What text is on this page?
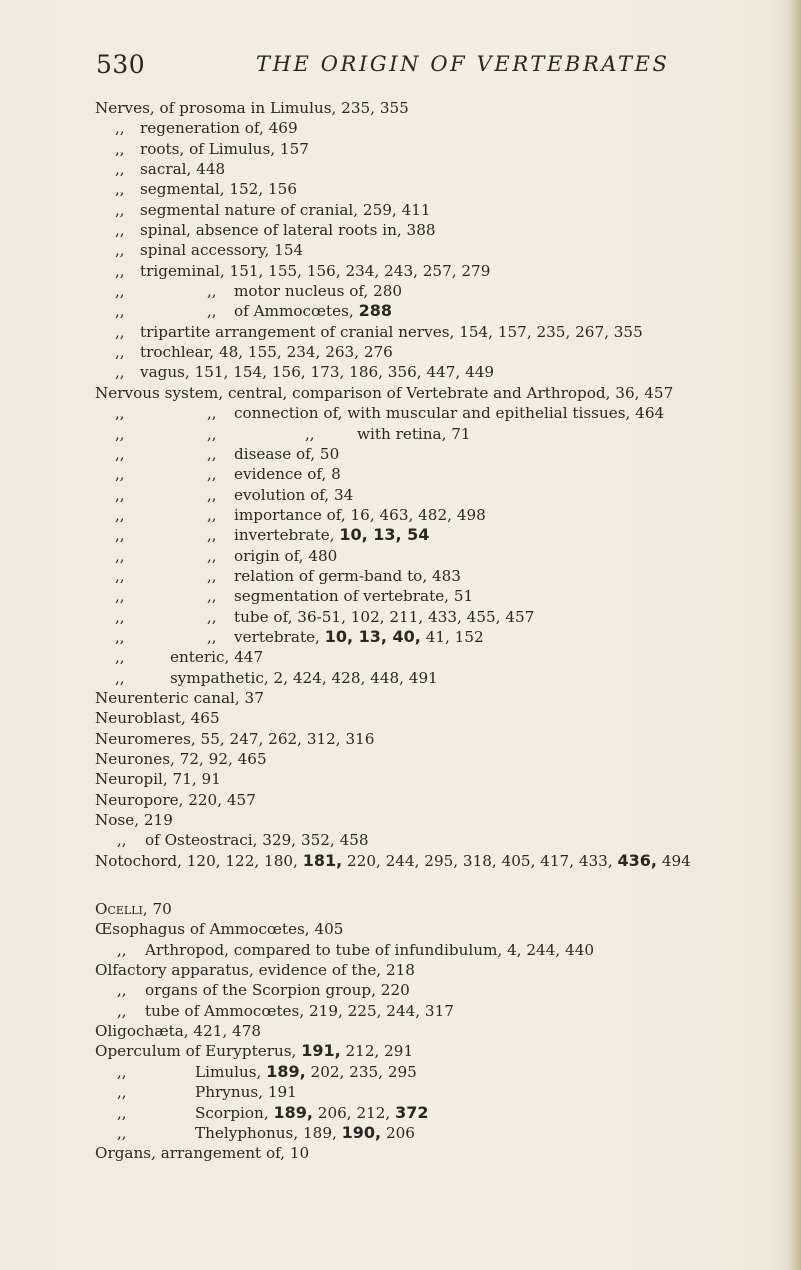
530	THE ORIGIN OF VERTEBRATES
Nerves, of prosoma in Limulus, 235, 355
,, regeneration of, 469
,, roots, of Limulus, 157
,, sacral, 448
,, segmental, 152, 156
,, segmental nature of cranial, 259, 411
,, spinal, absence of lateral roots in, 388
,, spinal accessory, 154
,, trigeminal, 151, 155, 156, 234, 243, 257, 279
,,	,, motor nucleus of, 280
,,	,, of Ammocœtes, 288
,, tripartite arrangement of cranial nerves, 154, 157, 235, 267, 355
,, trochlear, 48, 155, 234, 263, 276
,, vagus, 151, 154, 156, 173, 186, 356, 447, 449
Nervous system, central, comparison of Vertebrate and Arthropod, 36, 457
,,	,, connection of, with muscular and epithelial tissues, 464
,,	,,	,,	with retina, 71
,,	,, disease of, 50
,,	,, evidence of, 8
,,	,, evolution of, 34
,,	,, importance of, 16, 463, 482, 498
,,	,, invertebrate, 10, 13, 54
,,	,, origin of, 480
,,	,, relation of germ-band to, 483
,,	,, segmentation of vertebrate, 51
,,	,, tube of, 36-51, 102, 211, 433, 455, 457
,,	,, vertebrate, 10, 13, 40, 41, 152
,,	enteric, 447
,,	sympathetic, 2, 424, 428, 448, 491
Neurenteric canal, 37
Neuroblast, 465
Neuromeres, 55, 247, 262, 312, 316
Neurones, 72, 92, 465
Neuropil, 71, 91
Neuropore, 220, 457
Nose, 219
,, of Osteostraci, 329, 352, 458
Notochord, 120, 122, 180, 181, 220, 244, 295, 318, 405, 417, 433, 436, 494
Ocelli, 70
Œsophagus of Ammocœtes, 405
,, Arthropod, compared to tube of infundibulum, 4, 244, 440
Olfactory apparatus, evidence of the, 218
,, organs of the Scorpion group, 220
,, tube of Ammocœtes, 219, 225, 244, 317
Oligochæta, 421, 478
Operculum of Eurypterus, 191, 212, 291
,,	Limulus, 189, 202, 235, 295
,,	Phrynus, 191
,,	Scorpion, 189, 206, 212, 372
,,	Thelyphonus, 189, 190, 206
Organs, arrangement of, 10
